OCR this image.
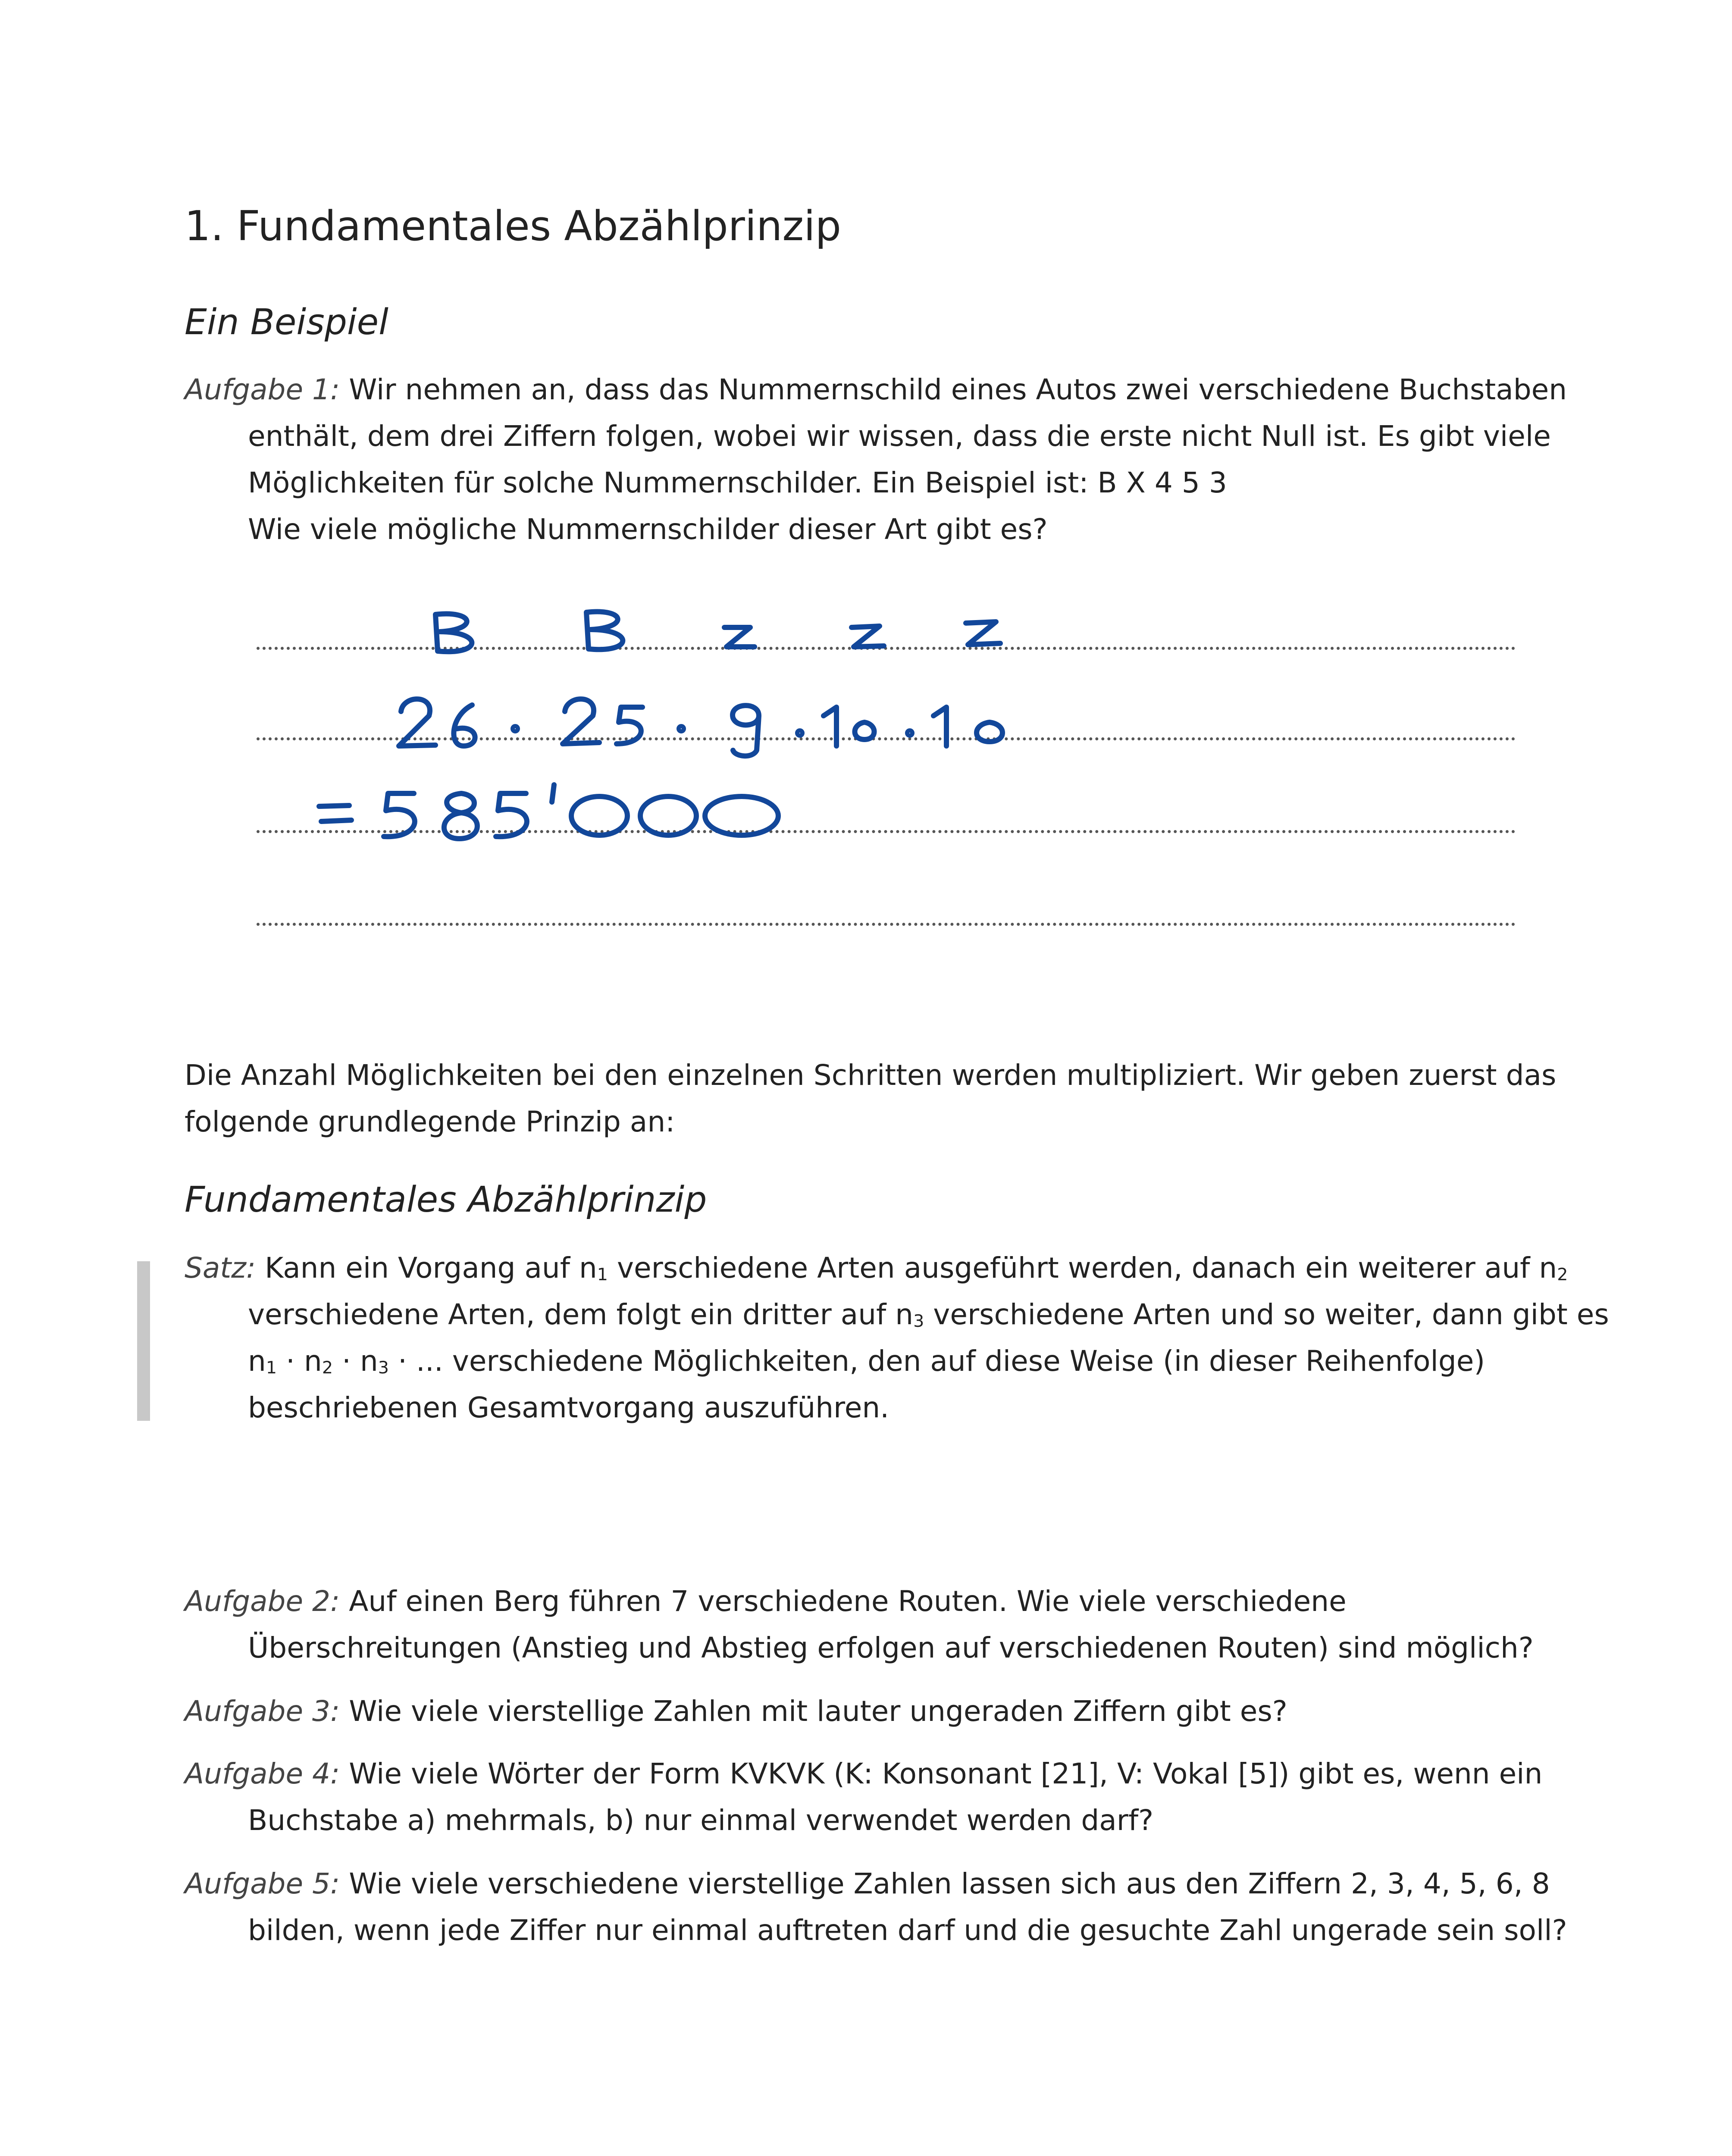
1. Fundamentales Abzählprinzip
Ein Beispiel
Aufgabe 1: Wir nehmen an, dass das Nummernschild eines Autos zwei verschiedene Buchstaben
enthält, dem drei Ziffern folgen, wobei wir wissen, dass die erste nicht Null ist. Es gibt viele
Möglichkeiten für solche Nummernschilder. Ein Beispiel ist: B X 4 5 3
Wie viele mögliche Nummernschilder dieser Art gibt es?
Die Anzahl Möglichkeiten bei den einzelnen Schritten werden multipliziert. Wir geben zuerst das
folgende grundlegende Prinzip an:
Fundamentales Abzählprinzip
Satz: Kann ein Vorgang auf $n_1$ verschiedene Arten ausgeführt werden, danach ein weiterer auf $n_2$
verschiedene Arten, dem folgt ein dritter auf $n_3$ verschiedene Arten und so weiter, dann gibt es
$n_1 \cdot n_2 \cdot n_3$ · ... verschiedene Möglichkeiten, den auf diese Weise (in dieser Reihenfolge)
beschriebenen Gesamtvorgang auszuführen.
Aufgabe 2: Auf einen Berg führen 7 verschiedene Routen. Wie viele verschiedene
Überschreitungen (Anstieg und Abstieg erfolgen auf verschiedenen Routen) sind möglich?
Aufgabe 3: Wie viele vierstellige Zahlen mit lauter ungeraden Ziffern gibt es?
Aufgabe 4: Wie viele Wörter der Form KVKVK (K: Konsonant [21], V: Vokal [5]) gibt es, wenn ein
Buchstabe a) mehrmals, b) nur einmal verwendet werden darf?
Aufgabe 5: Wie viele verschiedene vierstellige Zahlen lassen sich aus den Ziffern 2, 3, 4, 5, 6, 8
bilden, wenn jede Ziffer nur einmal auftreten darf und die gesuchte Zahl ungerade sein soll?
